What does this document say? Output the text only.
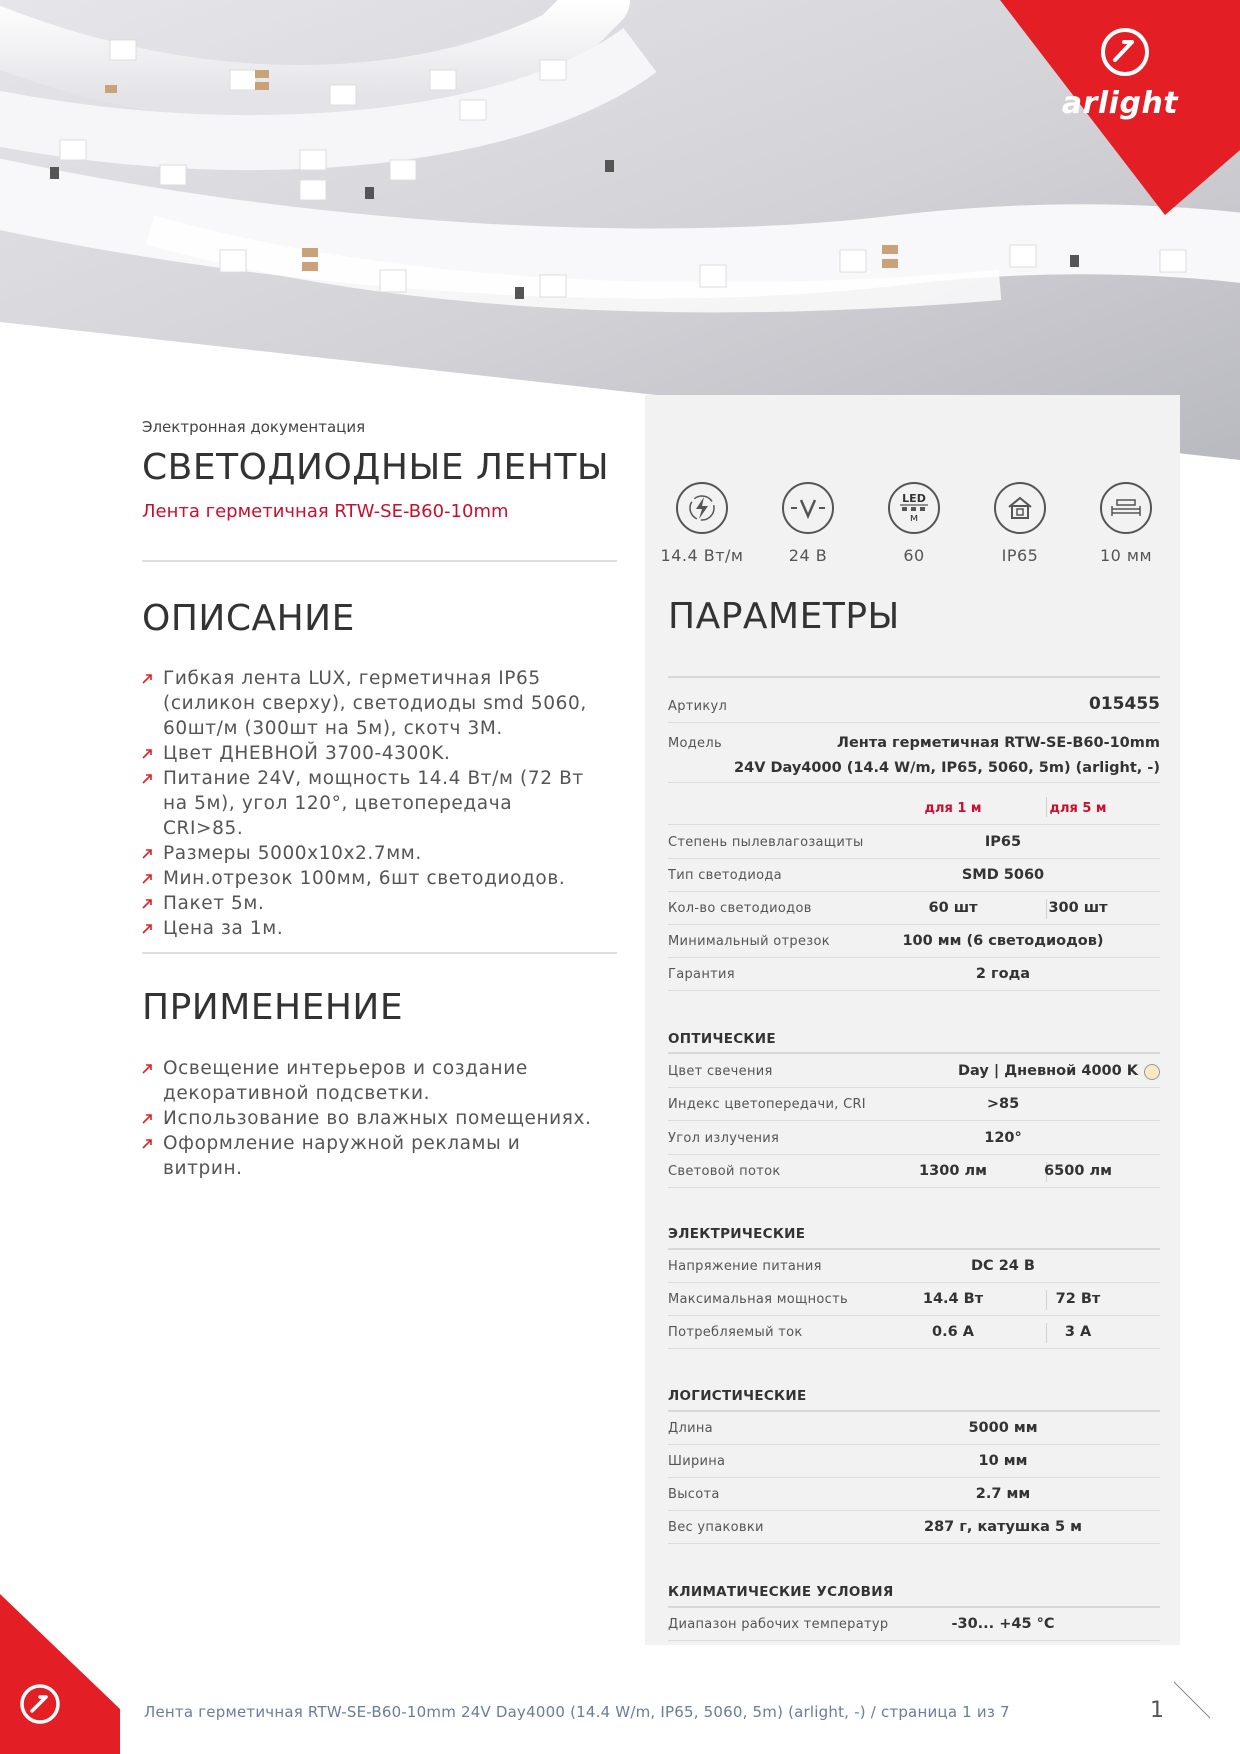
arlight
Электронная документация
СВЕТОДИОДНЫЕ ЛЕНТЫ
Лента герметичная RTW-SE-B60-10mm
14.4 Вт/м	24 В
LED
м
60	IP65	10 мм
ОПИСАНИЕ
Гибкая лента LUX, герметичная IP65 (силикон сверху), светодиоды smd 5060, 60шт/м (300шт на 5м), скотч 3М.
Цвет ДНЕВНОЙ 3700-4300K.
Питание 24V, мощность 14.4 Вт/м (72 Вт на 5м), угол 120°, цветопередача CRI>85.
Размеры 5000x10x2.7мм.
Мин.отрезок 100мм, 6шт светодиодов.
Пакет 5м.
Цена за 1м.
ПРИМЕНЕНИЕ
Освещение интерьеров и создание декоративной подсветки.
Использование во влажных помещениях.
Оформление наружной рекламы и витрин.
ПАРАМЕТРЫ
Артикул	015455
Модель	Лента герметичная RTW-SE-B60-10mm
24V Day4000 (14.4 W/m, IP65, 5060, 5m) (arlight, -)
для 1 м	для 5 м
ОПТИЧЕСКИЕ
ЭЛЕКТРИЧЕСКИЕ
ЛОГИСТИЧЕСКИЕ
КЛИМАТИЧЕСКИЕ УСЛОВИЯ
Лента герметичная RTW-SE-B60-10mm 24V Day4000 (14.4 W/m, IP65, 5060, 5m) (arlight, -) / страница 1 из 7	1
Степень пылевлагозащиты	IP65
Тип светодиода	SMD 5060
Кол-во светодиодов	60 шт	300 шт
Минимальный отрезок	100 мм (6 светодиодов)
Гарантия	2 года
Цвет свечения	Day | Дневной 4000 K
Индекс цветопередачи, CRI	>85
Угол излучения	120°
Световой поток	1300 лм	6500 лм
Напряжение питания	DC 24 В
Максимальная мощность	14.4 Вт	72 Вт
Потребляемый ток	0.6 A	3 A
Длина	5000 мм
Ширина	10 мм
Высота	2.7 мм
Вес упаковки	287 г, катушка 5 м
Диапазон рабочих температур	-30... +45 °C
